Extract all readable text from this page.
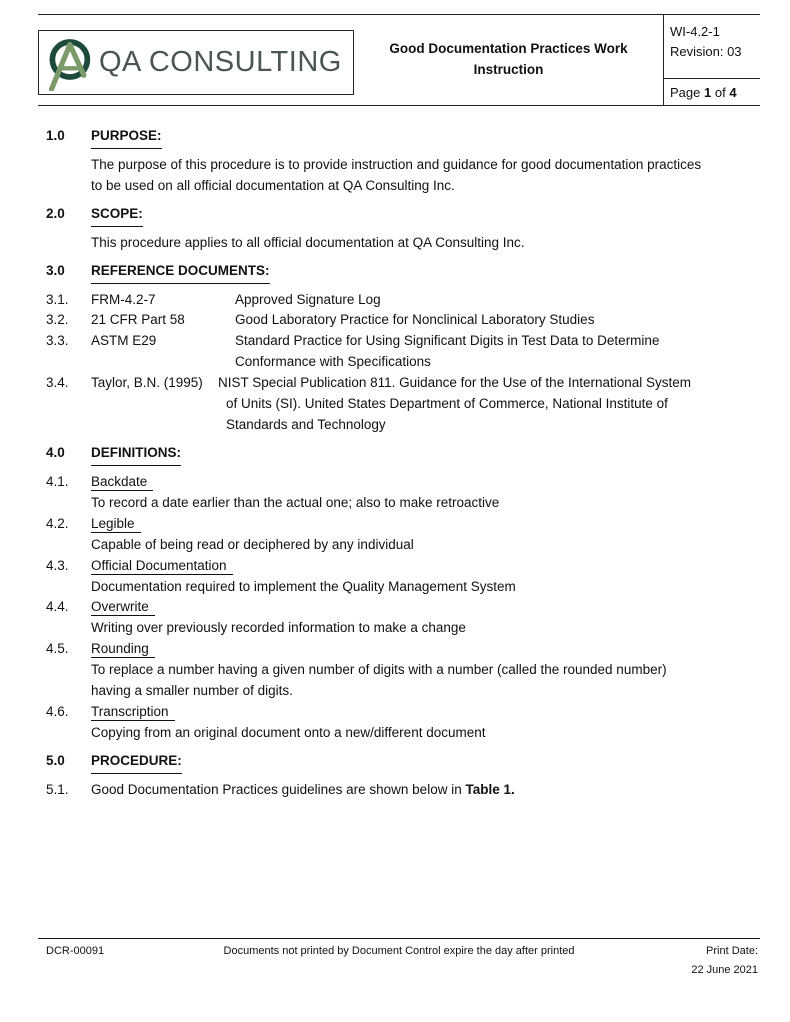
QA CONSULTING	Good Documentation Practices Work Instruction
WI-4.2-1
Revision: 03
Page 1 of 4
1.0	PURPOSE:
The purpose of this procedure is to provide instruction and guidance for good documentation practices to be used on all official documentation at QA Consulting Inc.
2.0	SCOPE:
This procedure applies to all official documentation at QA Consulting Inc.
3.0	REFERENCE DOCUMENTS:
3.1.	FRM-4.2-7	Approved Signature Log
3.2.	21 CFR Part 58	Good Laboratory Practice for Nonclinical Laboratory Studies
3.3.	ASTM E29	Standard Practice for Using Significant Digits in Test Data to Determine Conformance with Specifications
3.4.	Taylor, B.N. (1995)	NIST Special Publication 811. Guidance for the Use of the International System of Units (SI). United States Department of Commerce, National Institute of Standards and Technology
4.0	DEFINITIONS:
4.1.	Backdate
To record a date earlier than the actual one; also to make retroactive
4.2.	Legible
Capable of being read or deciphered by any individual
4.3.	Official Documentation
Documentation required to implement the Quality Management System
4.4.	Overwrite
Writing over previously recorded information to make a change
4.5.	Rounding
To replace a number having a given number of digits with a number (called the rounded number) having a smaller number of digits.
4.6.	Transcription
Copying from an original document onto a new/different document
5.0	PROCEDURE:
5.1.	Good Documentation Practices guidelines are shown below in Table 1.
DCR-00091	Documents not printed by Document Control expire the day after printed	Print Date:
22 June 2021
